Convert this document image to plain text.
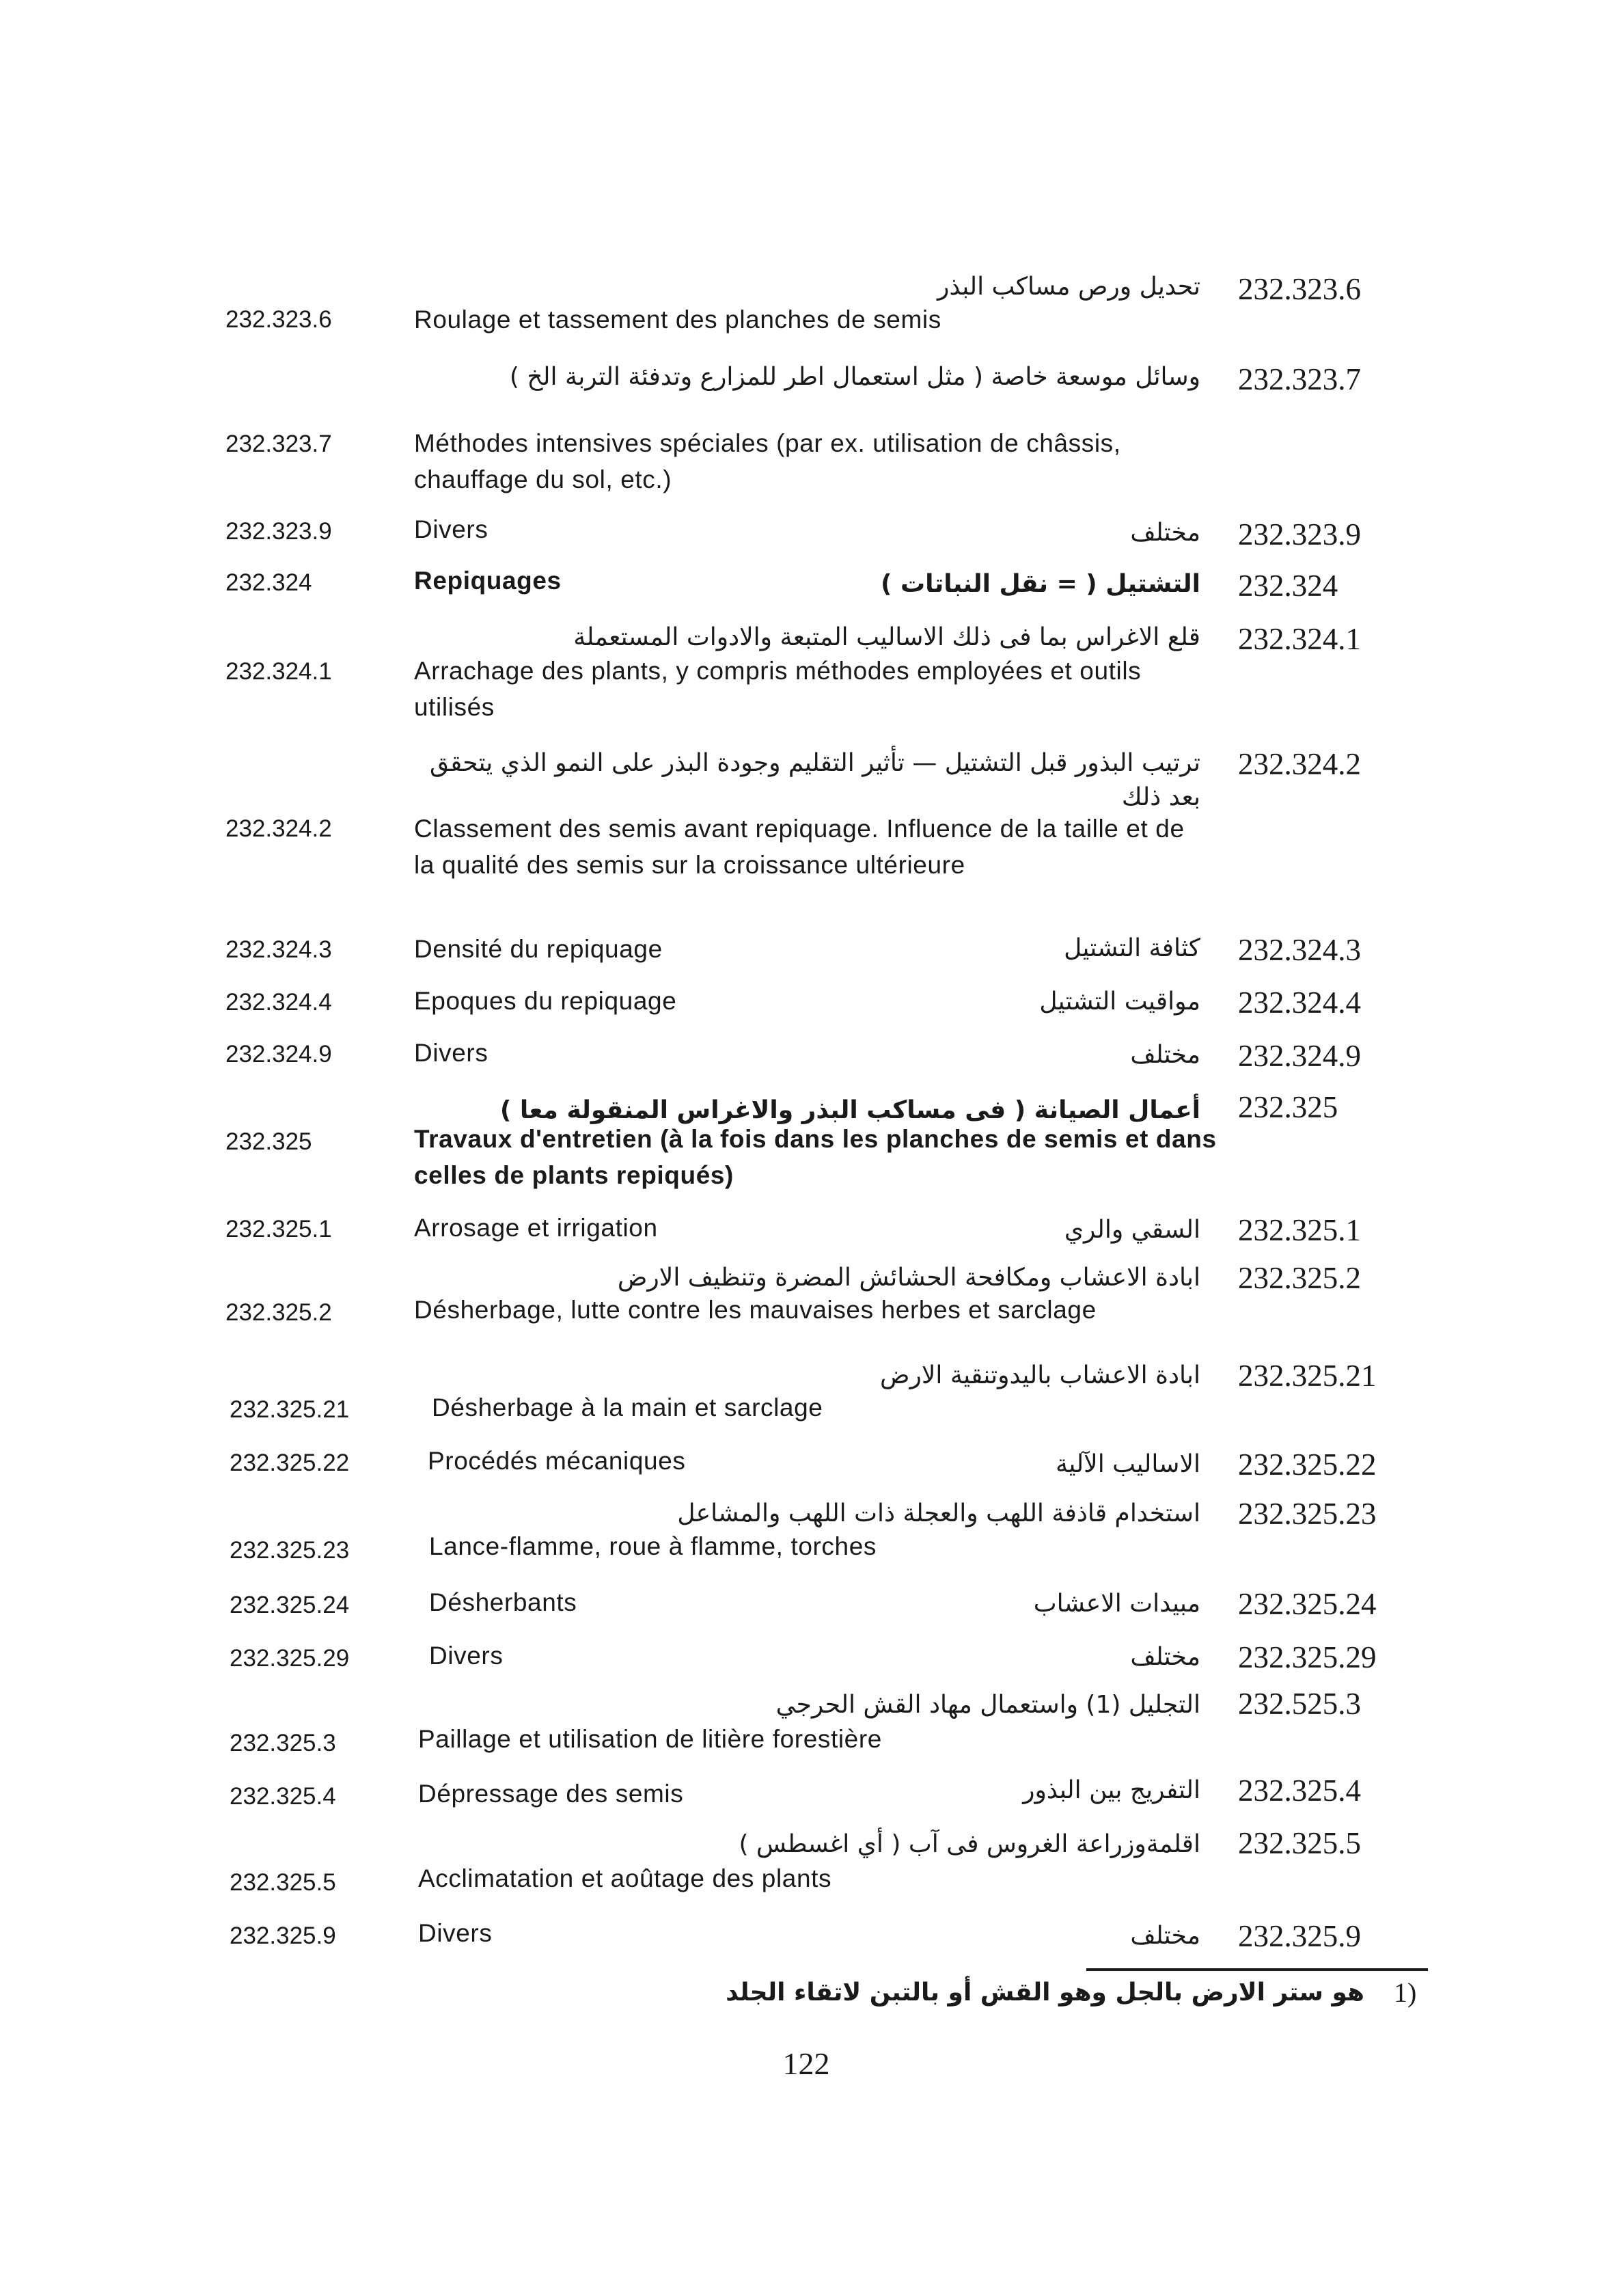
تحديل ورص مساكب البذر 232.323.6
232.323.6	Roulage et tassement des planches de semis
وسائل موسعة خاصة ( مثل استعمال اطر للمزارع وتدفئة التربة الخ ) 232.323.7
232.323.7	Méthodes intensives spéciales (par ex. utilisation de châssis, chauffage du sol, etc.)
232.323.9	Divers	مختلف 232.323.9
232.324	Repiquages	التشتيل ( = نقل النباتات ) 232.324
قلع الاغراس بما فى ذلك الاساليب المتبعة والادوات المستعملة 232.324.1
232.324.1	Arrachage des plants, y compris méthodes employées et outils utilisés
ترتيب البذور قبل التشتيل — تأثير التقليم وجودة البذر على النمو الذي يتحقق بعد ذلك
232.324.2
232.324.2	Classement des semis avant repiquage. Influence de la taille et de la qualité des semis sur la croissance ultérieure
232.324.3	Densité du repiquage	كثافة التشتيل 232.324.3
232.324.4	Epoques du repiquage	مواقيت التشتيل 232.324.4
232.324.9	Divers	مختلف 232.324.9
أعمال الصيانة ( فى مساكب البذر والاغراس المنقولة معا ) 232.325
232.325	Travaux d'entretien (à la fois dans les planches de semis et dans celles de plants repiqués)
232.325.1	Arrosage et irrigation	السقي والري 232.325.1
ابادة الاعشاب ومكافحة الحشائش المضرة وتنظيف الارض 232.325.2
232.325.2	Désherbage, lutte contre les mauvaises herbes et sarclage
ابادة الاعشاب باليدوتنقية الارض 232.325.21
232.325.21	Désherbage à la main et sarclage
232.325.22	Procédés mécaniques	الاساليب الآلية 232.325.22
استخدام قاذفة اللهب والعجلة ذات اللهب والمشاعل 232.325.23
232.325.23	Lance-flamme, roue à flamme, torches
232.325.24	Désherbants	مبيدات الاعشاب 232.325.24
232.325.29	Divers	مختلف 232.325.29
التجليل (1) واستعمال مهاد القش الحرجي 232.525.3
232.325.3	Paillage et utilisation de litière forestière
232.325.4	Dépressage des semis	التفريج بين البذور 232.325.4
اقلمةوزراعة الغروس فى آب ( أي اغسطس ) 232.325.5
232.325.5	Acclimatation et aoûtage des plants
232.325.9	Divers	مختلف 232.325.9
1)
هو ستر الارض بالجل وهو القش أو بالتبن لاتقاء الجلد
122
